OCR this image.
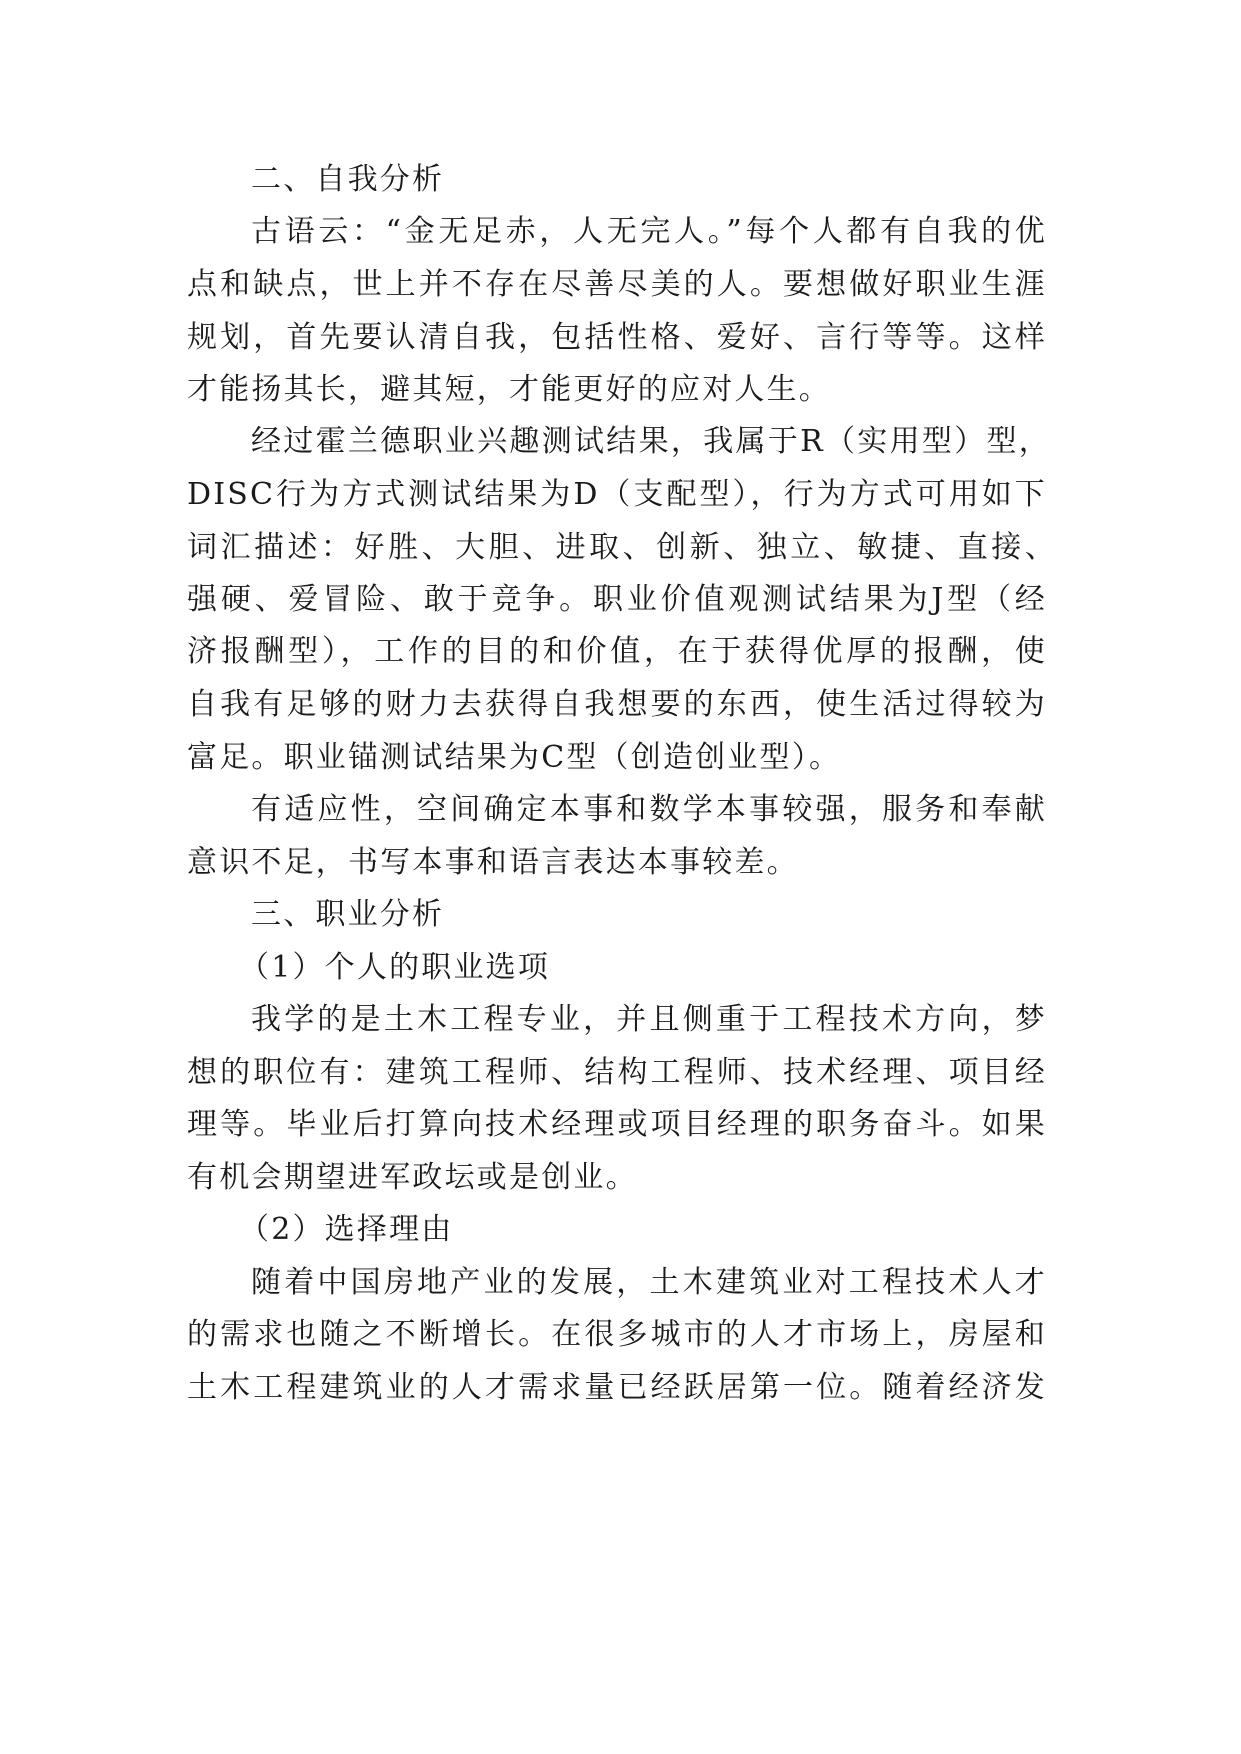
二、自我分析
古语云：“金无足赤，人无完人。”每个人都有自我的优
点和缺点，世上并不存在尽善尽美的人。要想做好职业生涯
规划，首先要认清自我，包括性格、爱好、言行等等。这样
才能扬其长，避其短，才能更好的应对人生。
经过霍兰德职业兴趣测试结果，我属于R（实用型）型，
DISC行为方式测试结果为D（支配型），行为方式可用如下
词汇描述：好胜、大胆、进取、创新、独立、敏捷、直接、
强硬、爱冒险、敢于竞争。职业价值观测试结果为J型（经
济报酬型），工作的目的和价值，在于获得优厚的报酬，使
自我有足够的财力去获得自我想要的东西，使生活过得较为
富足。职业锚测试结果为C型（创造创业型）。
有适应性，空间确定本事和数学本事较强，服务和奉献
意识不足，书写本事和语言表达本事较差。
三、职业分析
（1）个人的职业选项
我学的是土木工程专业，并且侧重于工程技术方向，梦
想的职位有：建筑工程师、结构工程师、技术经理、项目经
理等。毕业后打算向技术经理或项目经理的职务奋斗。如果
有机会期望进军政坛或是创业。
（2）选择理由
随着中国房地产业的发展，土木建筑业对工程技术人才
的需求也随之不断增长。在很多城市的人才市场上，房屋和
土木工程建筑业的人才需求量已经跃居第一位。随着经济发
